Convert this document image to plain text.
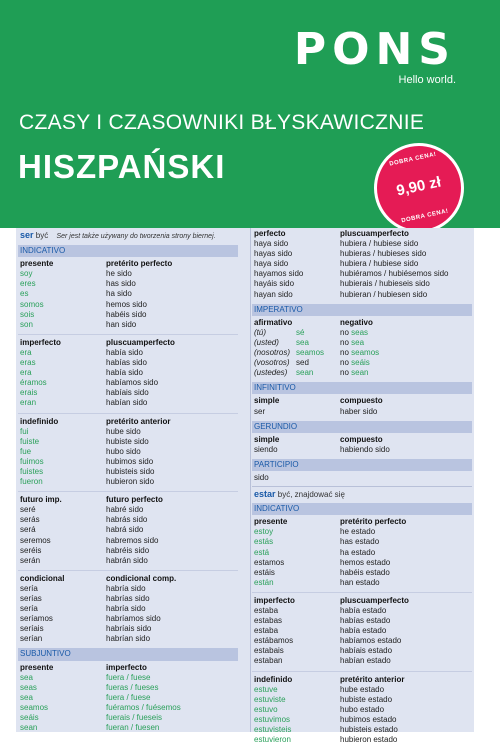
PONS
Hello world.
CZASY I CZASOWNIKI BŁYSKAWICZNIE
HISZPAŃSKI	DOBRA CENA!
9,90 zł
DOBRA CENA!
ser być Ser jest także używany do tworzenia strony biernej.
INDICATIVO
presente	pretérito perfecto
soy	he sido
eres	has sido
es	ha sido
somos	hemos sido
sois	habéis sido
son	han sido
imperfecto	pluscuamperfecto
era	había sido
eras	habías sido
era	había sido
éramos	habíamos sido
erais	habíais sido
eran	habían sido
indefinido	pretérito anterior
fui	hube sido
fuiste	hubiste sido
fue	hubo sido
fuimos	hubimos sido
fuistes	hubisteis sido
fueron	hubieron sido
futuro imp.	futuro perfecto
seré	habré sido
serás	habrás sido
será	habrá sido
seremos	habremos sido
seréis	habréis sido
serán	habrán sido
condicional	condicional comp.
sería	habría sido
serías	habrías sido
sería	habría sido
seríamos	habríamos sido
seríais	habríais sido
serían	habrían sido
SUBJUNTIVO
presente	imperfecto
sea	fuera / fuese
seas	fueras / fueses
sea	fuera / fuese
seamos	fuéramos / fuésemos
seáis	fuerais / fueseis
sean	fueran / fuesen
perfecto	pluscuamperfecto
haya sido	hubiera / hubiese sido
hayas sido	hubieras / hubieses sido
haya sido	hubiera / hubiese sido
hayamos sido	hubiéramos / hubiésemos sido
hayáis sido	hubierais / hubieseis sido
hayan sido	hubieran / hubiesen sido
IMPERATIVO
afirmativo	negativo
(tú)	sé	no seas
(usted)	sea	no sea
(nosotros) seamos	no seamos
(vosotros) sed	no seáis
(ustedes)	sean	no sean
INFINITIVO
simple	compuesto
ser	haber sido
GERUNDIO
simple	compuesto
siendo	habiendo sido
PARTICIPIO
sido
estar być, znajdować się
INDICATIVO
presente	pretérito perfecto
estoy	he estado
estás	has estado
está	ha estado
estamos	hemos estado
estáis	habéis estado
están	han estado
imperfecto	pluscuamperfecto
estaba	había estado
estabas	habías estado
estaba	había estado
estábamos	habíamos estado
estabais	habíais estado
estaban	habían estado
indefinido	pretérito anterior
estuve	hube estado
estuviste	hubiste estado
estuvo	hubo estado
estuvimos	hubimos estado
estuvisteis	hubisteis estado
estuvieron	hubieron estado
